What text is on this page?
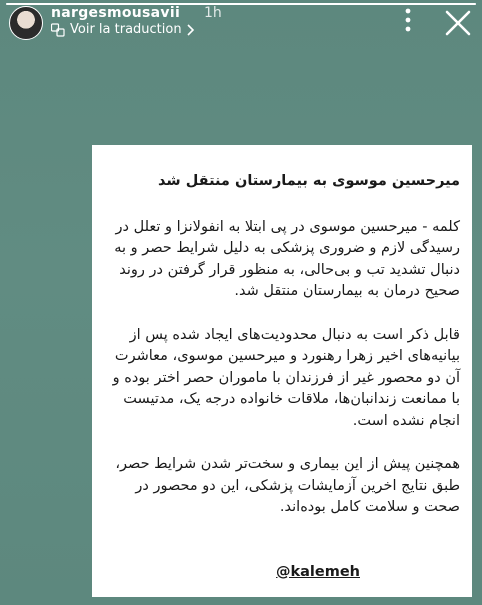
nargesmousavii 1h
Voir la traduction
میرحسین موسوی به بیمارستان منتقل شد

کلمه - میرحسین موسوی در پی ابتلا به انفولانزا و تعلل در رسیدگی لازم و ضروری پزشکی به دلیل شرایط حصر و به دنبال تشدید تب و بی‌حالی، به منظور قرار گرفتن در روند صحیح درمان به بیمارستان منتقل شد.

قابل ذکر است به دنبال محدودیت‌های ایجاد شده پس از بیانیه‌های اخیر زهرا رهنورد و میرحسین موسوی، معاشرت آن دو محصور غیر از فرزندان با ماموران حصر اختر بوده و با ممانعت زندانبان‌ها، ملاقات خانواده درجه یک، مدتیست انجام نشده است.

همچنین پیش از این بیماری و سخت‌تر شدن شرایط حصر، طبق نتایج اخرین آزمایشات پزشکی، این دو محصور در صحت و سلامت کامل بوده‌اند.

@kalemeh
